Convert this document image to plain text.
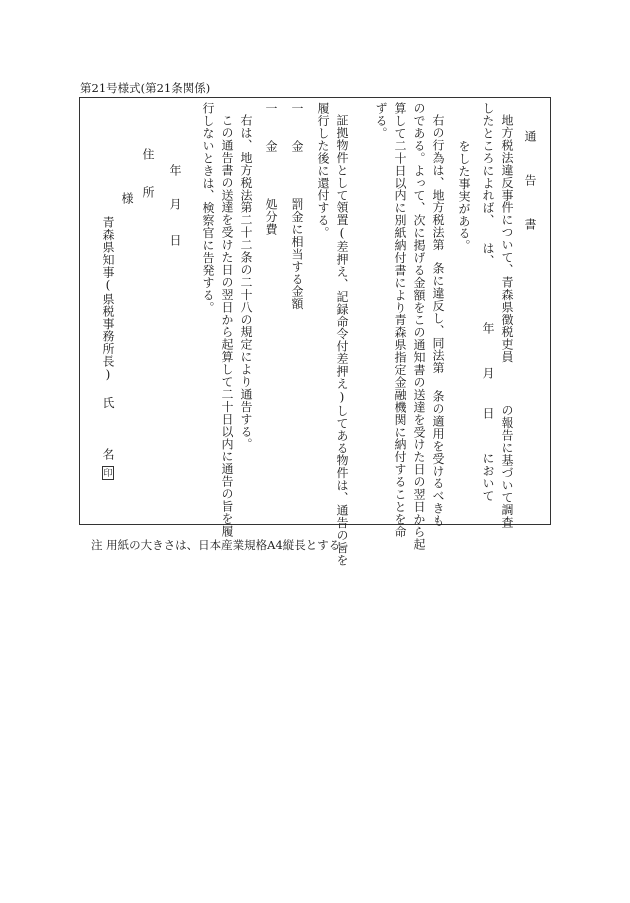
第21号様式(第21条関係)
通 告 書
地方税法違反事件について、青森県徴税吏員
の報告に基づいて調査
したところによれば、
は、
年
月
日
において
をした事実がある。
右の行為は、地方税法第
条に違反し、同法第
条の適用を受けるべきも
のである。よって、次に掲げる金額をこの通知書の送達を受けた日の翌日から起
算して二十日以内に別紙納付書により青森県指定金融機関に納付することを命
ずる。
証拠物件として領置(差押え、記録命令付差押え)してある物件は、通告の旨を
履行した後に還付する。
一 金
罰金に相当する金額
一 金
処分費
右は、地方税法第二十二条の二十八の規定により通告する。
この通告書の送達を受けた日の翌日から起算して二十日以内に通告の旨を履
行しないときは、検察官に告発する。
年
月
日
住 所
様
青森県知事(県税事務所長) 氏
名
印
注 用紙の大きさは、日本産業規格A4縦長とする。
